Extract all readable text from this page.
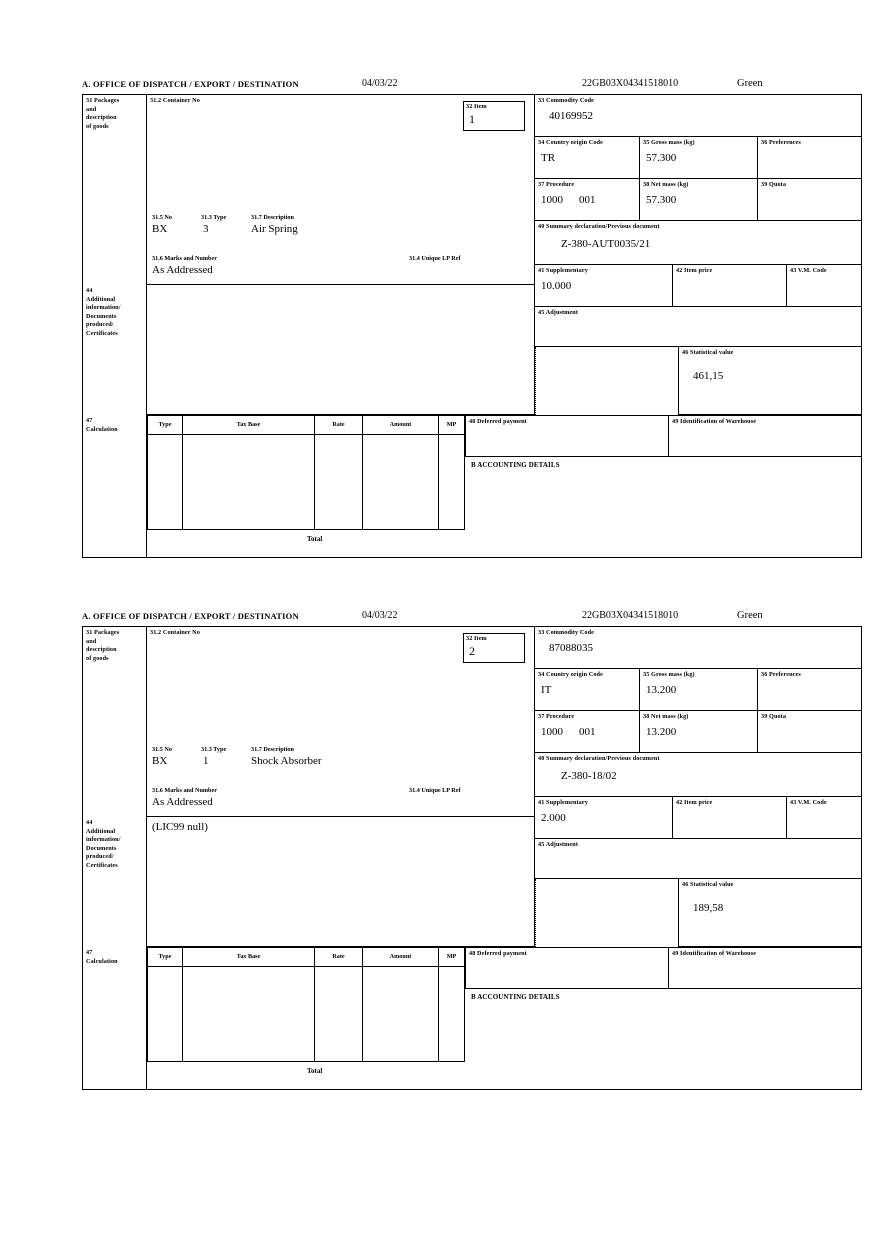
A. OFFICE OF DISPATCH / EXPORT / DESTINATION	04/03/22	22GB03X04341518010	Green
31 Packages
and
description
of goods
31.2 Container No
31.5 No	31.3 Type	31.7 Description
BX	3	Air Spring
31.6 Marks and Number	31.4 Unique LP Ref
As Addressed
32 Item
1
33 Commodity Code
40169952
34 Country origin Code
TR
35 Gross mass (kg)
57.300
36 Preferences
37 Procedure
1000 001
38 Net mass (kg)
57.300
39 Quota
40 Summary declaration/Previous document
Z-380-AUT0035/21
41 Supplementary
10.000
42 Item price	43 V.M. Code
44
Additional
information/
Documents
produced/
Certificates
45 Adjustment
46 Statistical value
461,15
47
Calculation
Type	Tax Base	Rate	Amount	MP
Total
48 Deferred payment	49 Identification of Warehouse
B ACCOUNTING DETAILS
A. OFFICE OF DISPATCH / EXPORT / DESTINATION	04/03/22	22GB03X04341518010	Green
31 Packages
and
description
of goods
31.2 Container No
31.5 No	31.3 Type	31.7 Description
BX	1	Shock Absorber
31.6 Marks and Number	31.4 Unique LP Ref
As Addressed
32 Item
2
33 Commodity Code
87088035
34 Country origin Code
IT
35 Gross mass (kg)
13.200
36 Preferences
37 Procedure
1000 001
38 Net mass (kg)
13.200
39 Quota
40 Summary declaration/Previous document
Z-380-18/02
41 Supplementary
2.000
42 Item price	43 V.M. Code
44
Additional
information/
Documents
produced/
Certificates
(LIC99 null)
45 Adjustment
46 Statistical value
189,58
47
Calculation
Type	Tax Base	Rate	Amount	MP
Total
48 Deferred payment	49 Identification of Warehouse
B ACCOUNTING DETAILS
